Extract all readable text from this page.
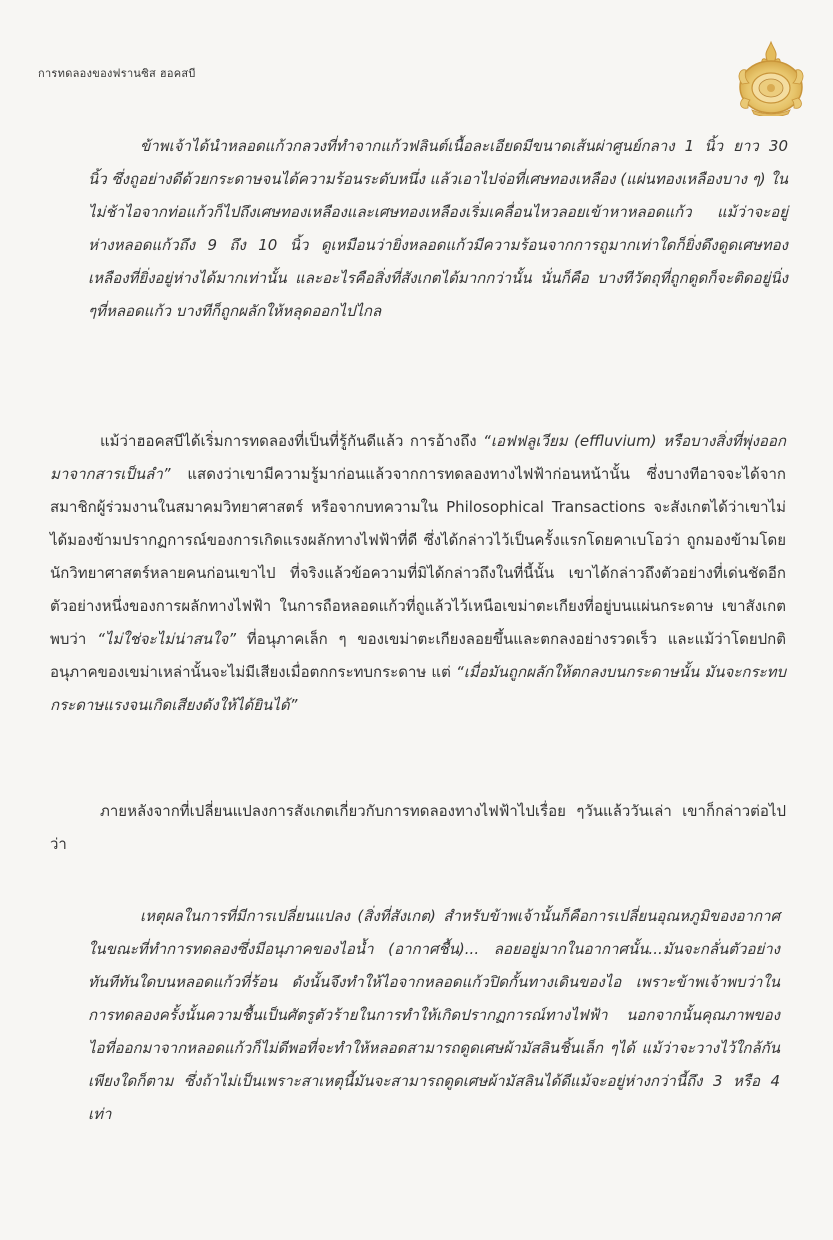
การทดลองของฟรานซิส ฮอคสบี

ข้าพเจ้าได้นำหลอดแก้วกลวงที่ทำจากแก้วฟลินต์เนื้อละเอียดมีขนาดเส้นผ่าศูนย์กลาง 1 นิ้ว ยาว 30 นิ้ว ซึ่งถูอย่างดีด้วยกระดาษจนได้ความร้อนระดับหนึ่ง แล้วเอาไปจ่อที่เศษทองเหลือง (แผ่นทองเหลืองบาง ๆ) ในไม่ช้าไอจากท่อแก้วก็ไปถึงเศษทองเหลืองและเศษทองเหลืองเริ่มเคลื่อนไหวลอยเข้าหาหลอดแก้ว แม้ว่าจะอยู่ห่างหลอดแก้วถึง 9 ถึง 10 นิ้ว ดูเหมือนว่ายิ่งหลอดแก้วมีความร้อนจากการถูมากเท่าใดก็ยิ่งดึงดูดเศษทองเหลืองที่ยิ่งอยู่ห่างได้มากเท่านั้น และอะไรคือสิ่งที่สังเกตได้มากกว่านั้น นั่นก็คือ บางทีวัตถุที่ถูกดูดก็จะติดอยู่นิ่ง ๆที่หลอดแก้ว บางทีก็ถูกผลักให้หลุดออกไปไกล

แม้ว่าฮอคสบีได้เริ่มการทดลองที่เป็นที่รู้กันดีแล้ว การอ้างถึง “เอฟฟลูเวียม (effluvium) หรือบางสิ่งที่พุ่งออกมาจากสารเป็นลำ” แสดงว่าเขามีความรู้มาก่อนแล้วจากการทดลองทางไฟฟ้าก่อนหน้านั้น ซึ่งบางทีอาจจะได้จากสมาชิกผู้ร่วมงานในสมาคมวิทยาศาสตร์ หรือจากบทความใน Philosophical Transactions จะสังเกตได้ว่าเขาไม่ได้มองข้ามปรากฏการณ์ของการเกิดแรงผลักทางไฟฟ้าที่ดี ซึ่งได้กล่าวไว้เป็นครั้งแรกโดยคาเบโอว่า ถูกมองข้ามโดยนักวิทยาศาสตร์หลายคนก่อนเขาไป ที่จริงแล้วข้อความที่มิได้กล่าวถึงในที่นี้นั้น เขาได้กล่าวถึงตัวอย่างที่เด่นชัดอีกตัวอย่างหนึ่งของการผลักทางไฟฟ้า ในการถือหลอดแก้วที่ถูแล้วไว้เหนือเขม่าตะเกียงที่อยู่บนแผ่นกระดาษ เขาสังเกตพบว่า “ไม่ใช่จะไม่น่าสนใจ” ที่อนุภาคเล็ก ๆ ของเขม่าตะเกียงลอยขึ้นและตกลงอย่างรวดเร็ว และแม้ว่าโดยปกติอนุภาคของเขม่าเหล่านั้นจะไม่มีเสียงเมื่อตกกระทบกระดาษ แต่ “เมื่อมันถูกผลักให้ตกลงบนกระดาษนั้น มันจะกระทบกระดาษแรงจนเกิดเสียงดังให้ได้ยินได้”

ภายหลังจากที่เปลี่ยนแปลงการสังเกตเกี่ยวกับการทดลองทางไฟฟ้าไปเรื่อย ๆวันแล้ววันเล่า เขาก็กล่าวต่อไปว่า

เหตุผลในการที่มีการเปลี่ยนแปลง (สิ่งที่สังเกต) สำหรับข้าพเจ้านั้นก็คือการเปลี่ยนอุณหภูมิของอากาศ ในขณะที่ทำการทดลองซึ่งมีอนุภาคของไอน้ำ (อากาศชื้น)... ลอยอยู่มากในอากาศนั้น...มันจะกลั่นตัวอย่างทันทีทันใดบนหลอดแก้วที่ร้อน ดังนั้นจึงทำให้ไอจากหลอดแก้วปิดกั้นทางเดินของไอ เพราะข้าพเจ้าพบว่าในการทดลองครั้งนั้นความชื้นเป็นศัตรูตัวร้ายในการทำให้เกิดปรากฏการณ์ทางไฟฟ้า นอกจากนั้นคุณภาพของไอที่ออกมาจากหลอดแก้วก็ไม่ดีพอที่จะทำให้หลอดสามารถดูดเศษผ้ามัสลินชิ้นเล็ก ๆได้ แม้ว่าจะวางไว้ใกล้กันเพียงใดก็ตาม ซึ่งถ้าไม่เป็นเพราะสาเหตุนี้มันจะสามารถดูดเศษผ้ามัสลินได้ดีแม้จะอยู่ห่างกว่านี้ถึง 3 หรือ 4 เท่า
